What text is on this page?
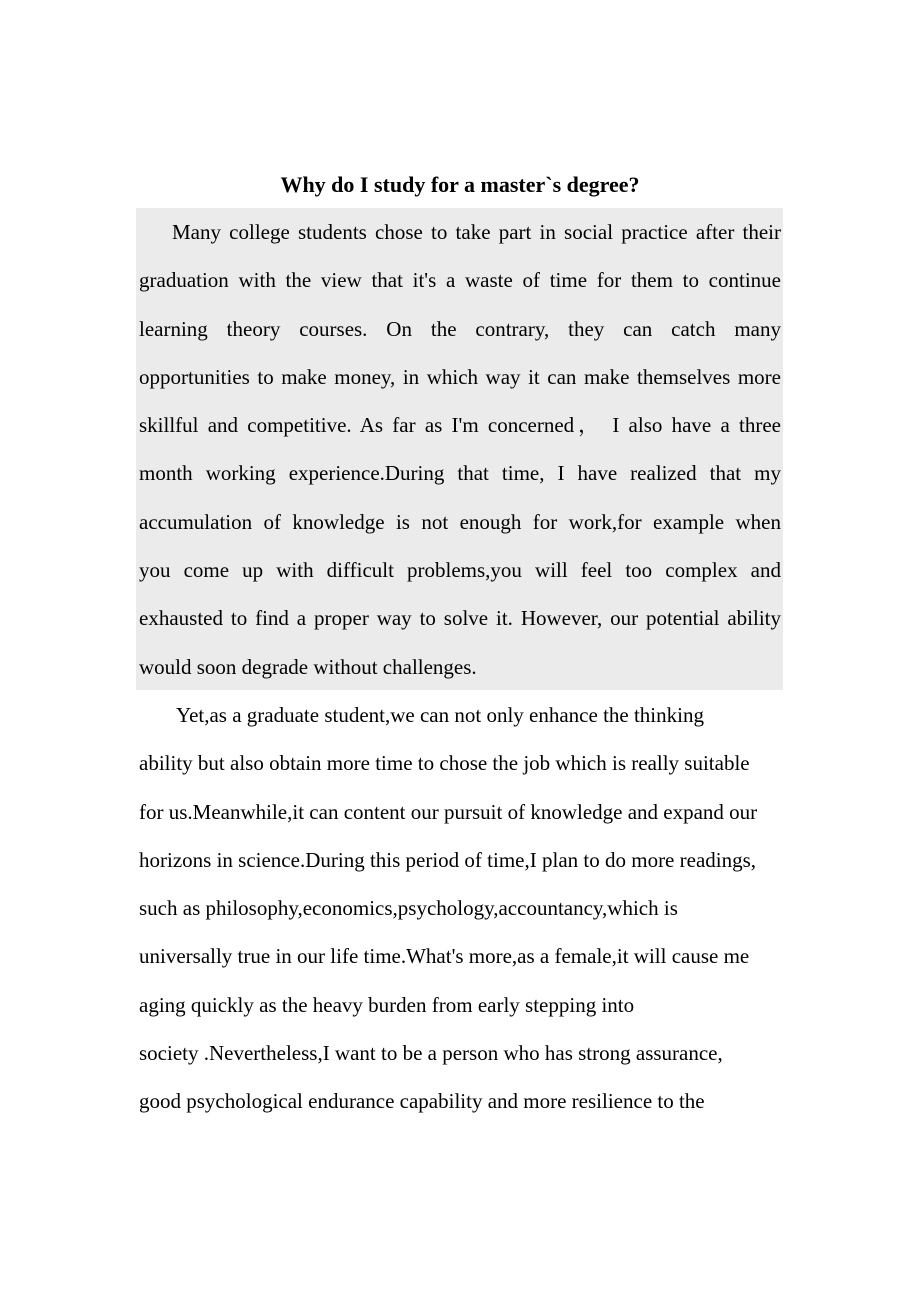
Why do I study for a master`s degree?
Many college students chose to take part in social practice after their
graduation with the view that it's a waste of time for them to continue
learning theory courses. On the contrary, they can catch many
opportunities to make money, in which way it can make themselves more
skillful and competitive. As far as I'm concerned， I also have a three
month working experience.During that time, I have realized that my
accumulation of knowledge is not enough for work,for example when
you come up with difficult problems,you will feel too complex and
exhausted to find a proper way to solve it. However, our potential ability
would soon degrade without challenges.
Yet,as a graduate student,we can not only enhance the thinking
ability but also obtain more time to chose the job which is really suitable
for us.Meanwhile,it can content our pursuit of knowledge and expand our
horizons in science.During this period of time,I plan to do more readings,
such as philosophy,economics,psychology,accountancy,which is
universally true in our life time.What's more,as a female,it will cause me
aging quickly as the heavy burden from early stepping into
society .Nevertheless,I want to be a person who has strong assurance,
good psychological endurance capability and more resilience to the
